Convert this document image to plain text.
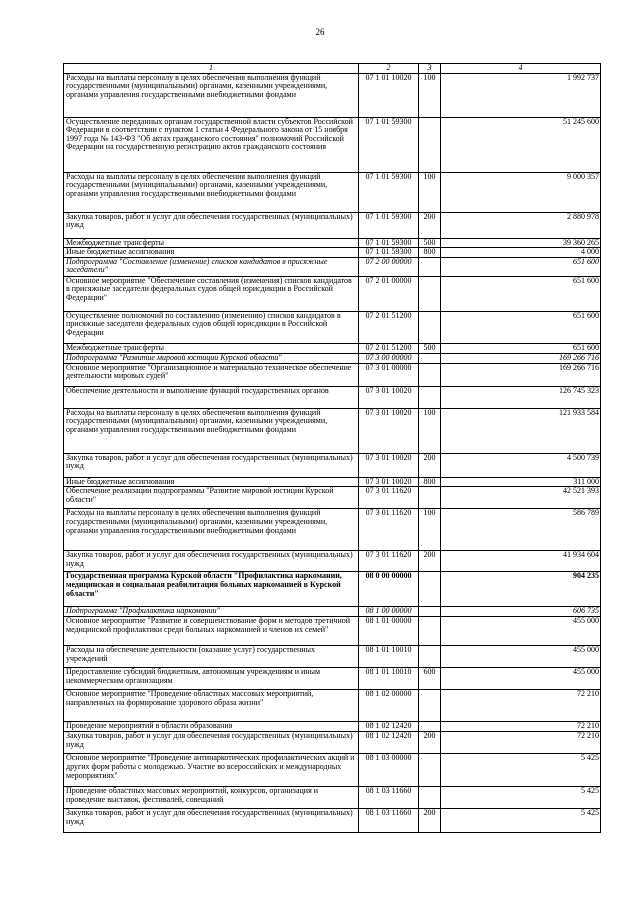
26
1	2	3	4
Расходы на выплаты персоналу в целях обеспечения выполнения функций государственными (муниципальными) органами, казенными учреждениями, органами управления государственными внебюджетными фондами	07 1 01 10020	100	1 992 737
Осуществление переданных органам государственной власти субъектов Российской Федерации в соответствии с пунктом 1 статьи 4 Федерального закона от 15 ноября 1997 года № 143-ФЗ "Об актах гражданского состояния" полномочий Российской Федерации на государственную регистрацию актов гражданского состояния	07 1 01 59300		51 245 600
Расходы на выплаты персоналу в целях обеспечения выполнения функций государственными (муниципальными) органами, казенными учреждениями, органами управления государственными внебюджетными фондами	07 1 01 59300	100	9 000 357
Закупка товаров, работ и услуг для обеспечения государственных (муниципальных) нужд	07 1 01 59300	200	2 880 978
Межбюджетные трансферты	07 1 01 59300	500	39 360 265
Иные бюджетные ассигнования	07 1 01 59300	800	4 000
Подпрограмма "Составление (изменение) списков кандидатов в присяжные заседатели"	07 2 00 00000		651 600
Основное мероприятие "Обеспечение составления (изменения) списков кандидатов в присяжные заседатели федеральных судов общей юрисдикции в Российской Федерации"	07 2 01 00000		651 600
Осуществление полномочий по составлению (изменению) списков кандидатов в присяжные заседатели федеральных судов общей юрисдикции в Российской Федерации	07 2 01 51200		651 600
Межбюджетные трансферты	07 2 01 51200	500	651 600
Подпрограмма "Развитие мировой юстиции Курской области"	07 3 00 00000		169 266 716
Основное мероприятие "Организационное и материально техническое обеспечение деятельности мировых судей"	07 3 01 00000		169 266 716
Обеспечение деятельности и выполнение функций государственных органов	07 3 01 10020		126 745 323
Расходы на выплаты персоналу в целях обеспечения выполнения функций государственными (муниципальными) органами, казенными учреждениями, органами управления государственными внебюджетными фондами	07 3 01 10020	100	121 933 584
Закупка товаров, работ и услуг для обеспечения государственных (муниципальных) нужд	07 3 01 10020	200	4 500 739
Иные бюджетные ассигнования	07 3 01 10020	800	311 000
Обеспечение реализации подпрограммы "Развитие мировой юстиции Курской области"	07 3 01 11620		42 521 393
Расходы на выплаты персоналу в целях обеспечения выполнения функций государственными (муниципальными) органами, казенными учреждениями, органами управления государственными внебюджетными фондами	07 3 01 11620	100	586 789
Закупка товаров, работ и услуг для обеспечения государственных (муниципальных) нужд	07 3 01 11620	200	41 934 604
Государственная программа Курской области "Профилактика наркомании, медицинская и социальная реабилитация больных наркоманией в Курской области"	08 0 00 00000		904 235
Подпрограмма "Профилактика наркомании"	08 1 00 00000		606 735
Основное мероприятие "Развитие и совершенствование форм и методов третичной медицинской профилактики среди больных наркоманией и членов их семей"	08 1 01 00000		455 000
Расходы на обеспечение деятельности (оказание услуг) государственных учреждений	08 1 01 10010		455 000
Предоставление субсидий бюджетным, автономным учреждениям и иным некоммерческим организациям	08 1 01 10010	600	455 000
Основное мероприятие "Проведение областных массовых мероприятий, направленных на формирование здорового образа жизни"	08 1 02 00000		72 210
Проведение мероприятий в области образования	08 1 02 12420		72 210
Закупка товаров, работ и услуг для обеспечения государственных (муниципальных) нужд	08 1 02 12420	200	72 210
Основное мероприятие "Проведение антинаркотических профилактических акций и других форм работы с молодежью. Участие во всероссийских и международных мероприятиях"	08 1 03 00000		5 425
Проведение областных массовых мероприятий, конкурсов, организация и проведение выставок, фестивалей, совещаний	08 1 03 11660		5 425
Закупка товаров, работ и услуг для обеспечения государственных (муниципальных) нужд	08 1 03 11660	200	5 425
